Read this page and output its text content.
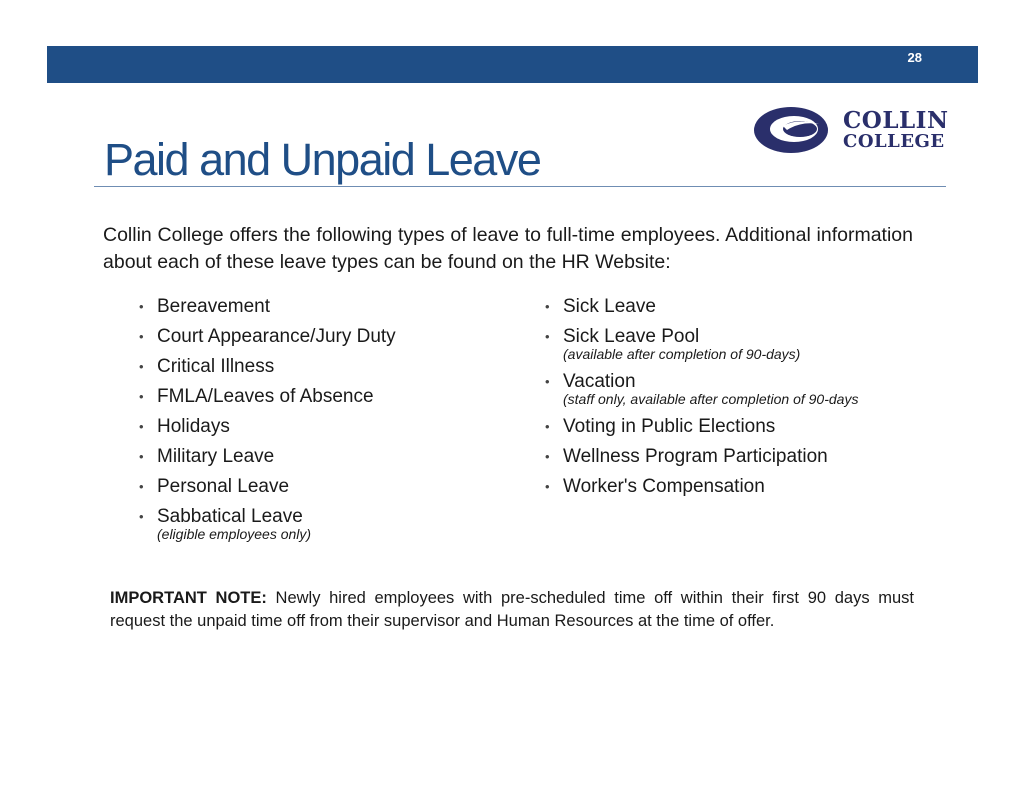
28
COLLIN
COLLEGE
Paid and Unpaid Leave

Collin College offers the following types of leave to full-time employees. Additional information about each of these leave types can be found on the HR Website:

• Bereavement
• Court Appearance/Jury Duty
• Critical Illness
• FMLA/Leaves of Absence
• Holidays
• Military Leave
• Personal Leave
• Sabbatical Leave
(eligible employees only)
• Sick Leave
• Sick Leave Pool
(available after completion of 90-days)
• Vacation
(staff only, available after completion of 90-days
• Voting in Public Elections
• Wellness Program Participation
• Worker's Compensation

IMPORTANT NOTE: Newly hired employees with pre-scheduled time off within their first 90 days must request the unpaid time off from their supervisor and Human Resources at the time of offer.
